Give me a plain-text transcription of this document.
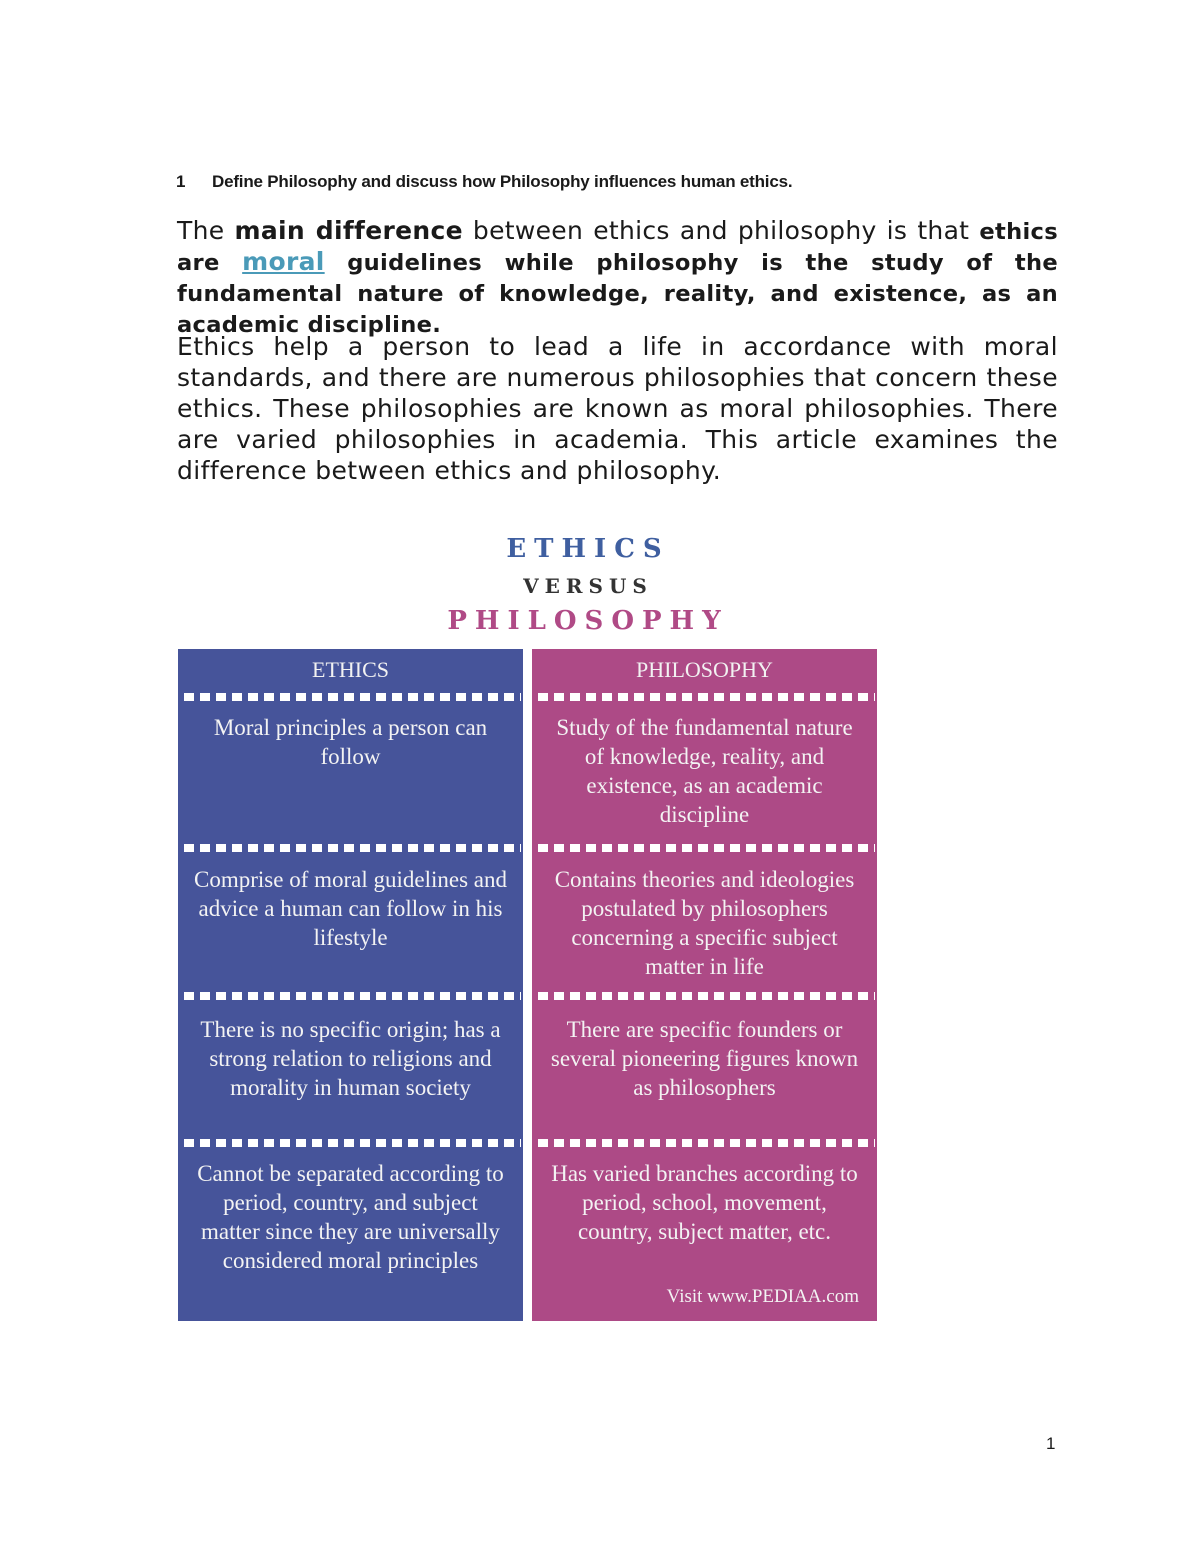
1 Define Philosophy and discuss how Philosophy influences human ethics.
The main difference between ethics and philosophy is that ethics are moral guidelines while philosophy is the study of the fundamental nature of knowledge, reality, and existence, as an academic discipline.
Ethics help a person to lead a life in accordance with moral standards, and there are numerous philosophies that concern these ethics. These philosophies are known as moral philosophies. There are varied philosophies in academia. This article examines the difference between ethics and philosophy.
ETHICS
VERSUS
PHILOSOPHY
ETHICS
Moral principles a person can follow
Comprise of moral guidelines and advice a human can follow in his lifestyle
There is no specific origin; has a strong relation to religions and morality in human society
Cannot be separated according to period, country, and subject matter since they are universally considered moral principles
PHILOSOPHY
Study of the fundamental nature of knowledge, reality, and existence, as an academic discipline
Contains theories and ideologies postulated by philosophers concerning a specific subject matter in life
There are specific founders or several pioneering figures known as philosophers
Has varied branches according to period, school, movement, country, subject matter, etc.
Visit www.PEDIAA.com
1
